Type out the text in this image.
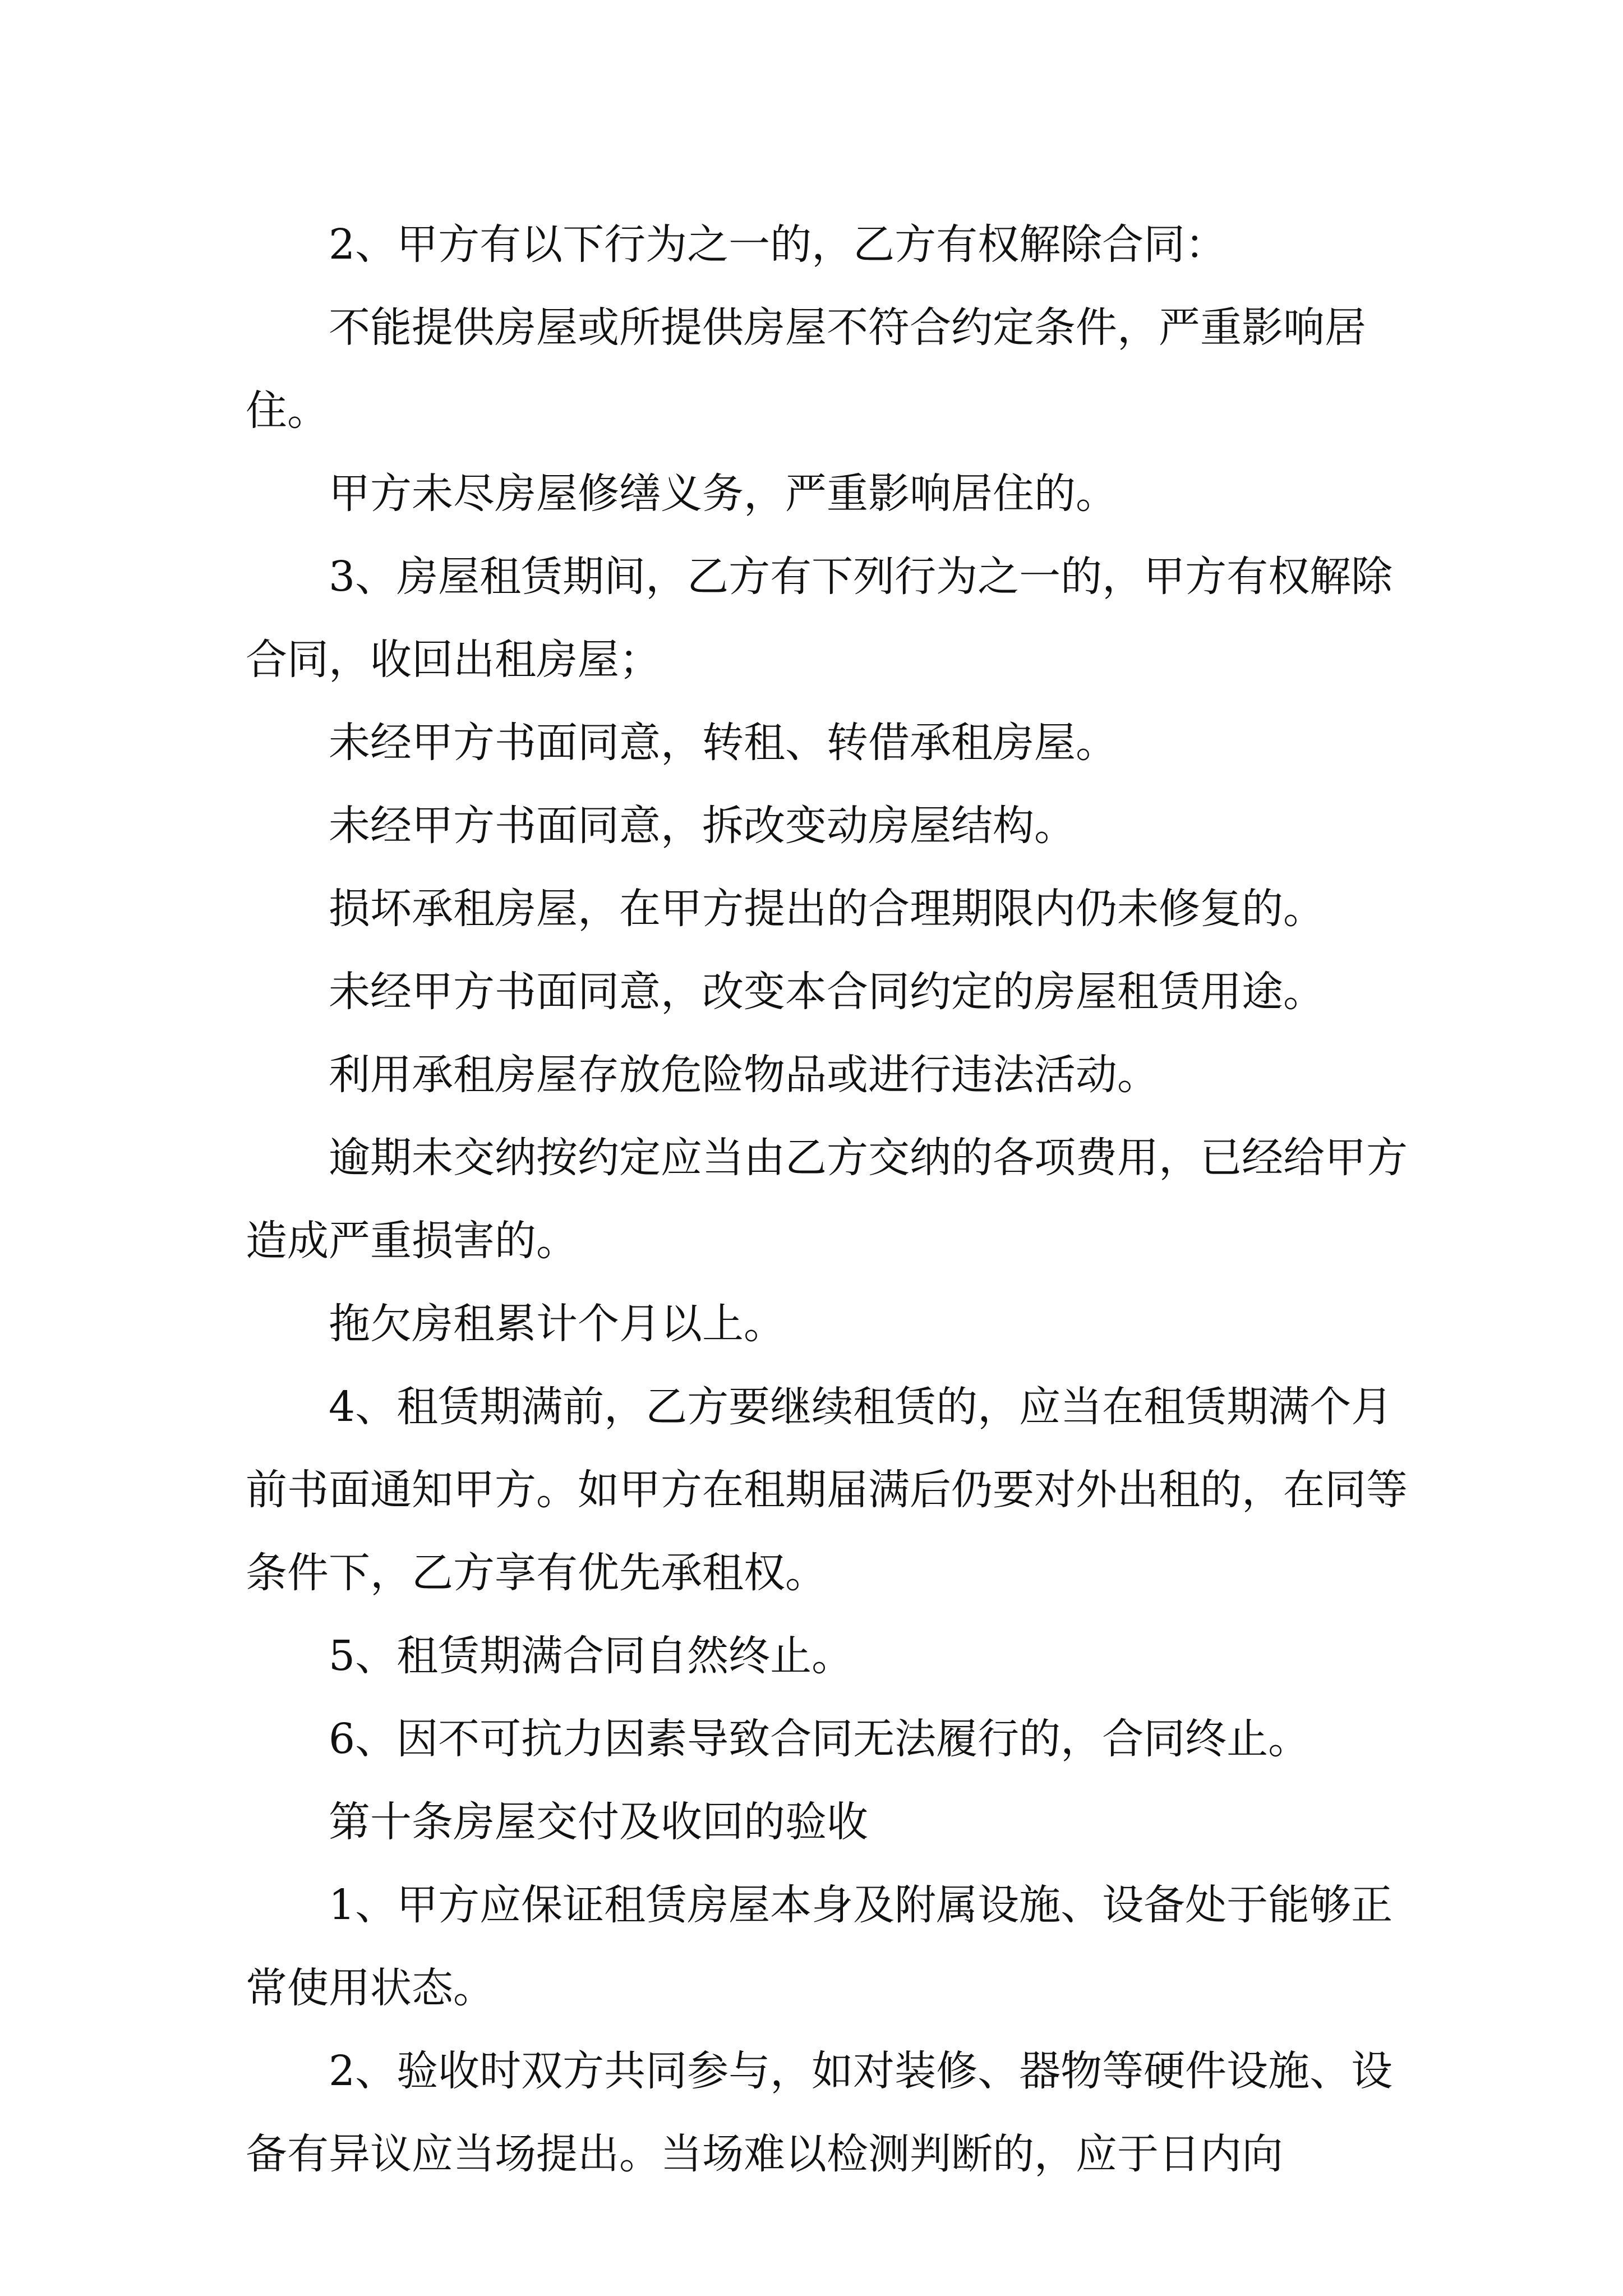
2、甲方有以下行为之一的，乙方有权解除合同：

不能提供房屋或所提供房屋不符合约定条件，严重影响居住。

甲方未尽房屋修缮义务，严重影响居住的。

3、房屋租赁期间，乙方有下列行为之一的，甲方有权解除合同，收回出租房屋；

未经甲方书面同意，转租、转借承租房屋。

未经甲方书面同意，拆改变动房屋结构。

损坏承租房屋，在甲方提出的合理期限内仍未修复的。

未经甲方书面同意，改变本合同约定的房屋租赁用途。

利用承租房屋存放危险物品或进行违法活动。

逾期未交纳按约定应当由乙方交纳的各项费用，已经给甲方造成严重损害的。

拖欠房租累计个月以上。

4、租赁期满前，乙方要继续租赁的，应当在租赁期满个月前书面通知甲方。如甲方在租期届满后仍要对外出租的，在同等条件下，乙方享有优先承租权。

5、租赁期满合同自然终止。

6、因不可抗力因素导致合同无法履行的，合同终止。

第十条房屋交付及收回的验收

1、甲方应保证租赁房屋本身及附属设施、设备处于能够正常使用状态。

2、验收时双方共同参与，如对装修、器物等硬件设施、设备有异议应当场提出。当场难以检测判断的，应于日内向
